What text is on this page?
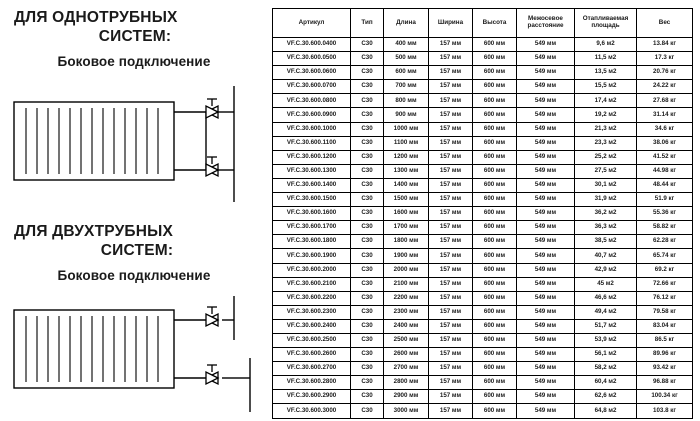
ДЛЯ ОДНОТРУБНЫХ
СИСТЕМ:
Боковое подключение
ДЛЯ ДВУХТРУБНЫХ
СИСТЕМ:
Боковое подключение
Артикул	Тип	Длина	Ширина	Высота	Межосевое расстояние	Отапливаемая площадь	Вес
VF.C.30.600.0400	C30	400 мм	157 мм	600 мм	549 мм	9,6 м2	13.84 кг
VF.C.30.600.0500	C30	500 мм	157 мм	600 мм	549 мм	11,5 м2	17.3 кг
VF.C.30.600.0600	C30	600 мм	157 мм	600 мм	549 мм	13,5 м2	20.76 кг
VF.C.30.600.0700	C30	700 мм	157 мм	600 мм	549 мм	15,5 м2	24.22 кг
VF.C.30.600.0800	C30	800 мм	157 мм	600 мм	549 мм	17,4 м2	27.68 кг
VF.C.30.600.0900	C30	900 мм	157 мм	600 мм	549 мм	19,2 м2	31.14 кг
VF.C.30.600.1000	C30	1000 мм	157 мм	600 мм	549 мм	21,3 м2	34.6 кг
VF.C.30.600.1100	C30	1100 мм	157 мм	600 мм	549 мм	23,3 м2	38.06 кг
VF.C.30.600.1200	C30	1200 мм	157 мм	600 мм	549 мм	25,2 м2	41.52 кг
VF.C.30.600.1300	C30	1300 мм	157 мм	600 мм	549 мм	27,5 м2	44.98 кг
VF.C.30.600.1400	C30	1400 мм	157 мм	600 мм	549 мм	30,1 м2	48.44 кг
VF.C.30.600.1500	C30	1500 мм	157 мм	600 мм	549 мм	31,9 м2	51.9 кг
VF.C.30.600.1600	C30	1600 мм	157 мм	600 мм	549 мм	36,2 м2	55.36 кг
VF.C.30.600.1700	C30	1700 мм	157 мм	600 мм	549 мм	36,3 м2	58.82 кг
VF.C.30.600.1800	C30	1800 мм	157 мм	600 мм	549 мм	38,5 м2	62.28 кг
VF.C.30.600.1900	C30	1900 мм	157 мм	600 мм	549 мм	40,7 м2	65.74 кг
VF.C.30.600.2000	C30	2000 мм	157 мм	600 мм	549 мм	42,9 м2	69.2 кг
VF.C.30.600.2100	C30	2100 мм	157 мм	600 мм	549 мм	45 м2	72.66 кг
VF.C.30.600.2200	C30	2200 мм	157 мм	600 мм	549 мм	46,6 м2	76.12 кг
VF.C.30.600.2300	C30	2300 мм	157 мм	600 мм	549 мм	49,4 м2	79.58 кг
VF.C.30.600.2400	C30	2400 мм	157 мм	600 мм	549 мм	51,7 м2	83.04 кг
VF.C.30.600.2500	C30	2500 мм	157 мм	600 мм	549 мм	53,9 м2	86.5 кг
VF.C.30.600.2600	C30	2600 мм	157 мм	600 мм	549 мм	56,1 м2	89.96 кг
VF.C.30.600.2700	C30	2700 мм	157 мм	600 мм	549 мм	58,2 м2	93.42 кг
VF.C.30.600.2800	C30	2800 мм	157 мм	600 мм	549 мм	60,4 м2	96.88 кг
VF.C.30.600.2900	C30	2900 мм	157 мм	600 мм	549 мм	62,6 м2	100.34 кг
VF.C.30.600.3000	C30	3000 мм	157 мм	600 мм	549 мм	64,8 м2	103.8 кг
